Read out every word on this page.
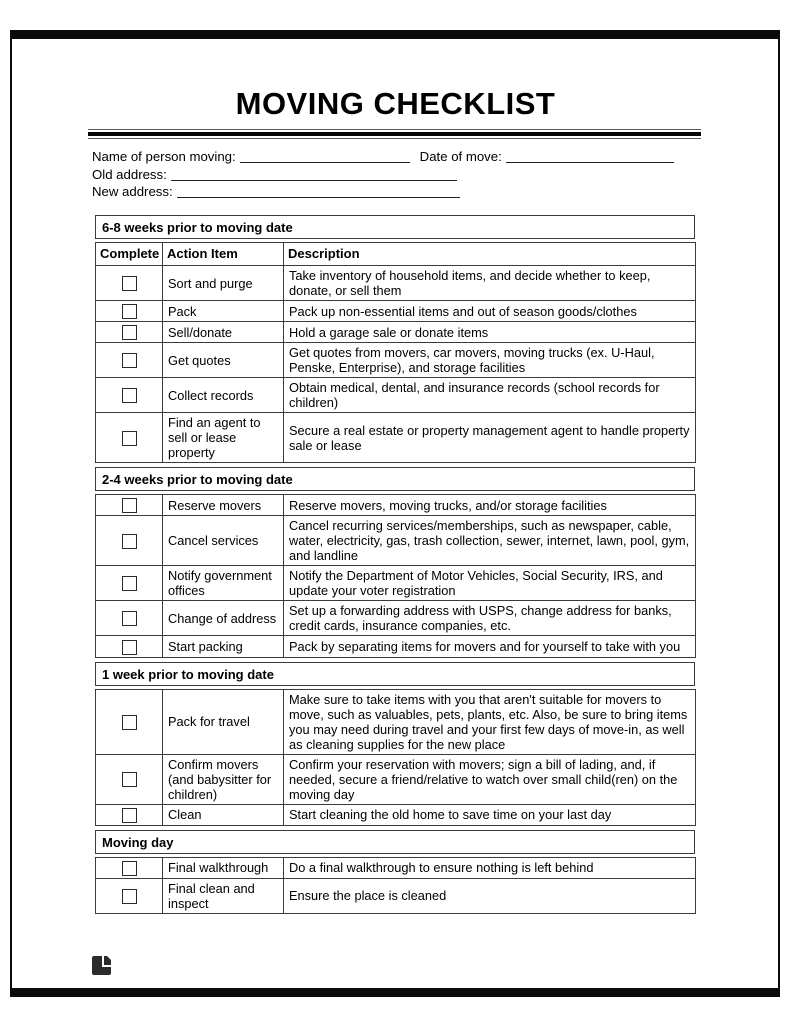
MOVING CHECKLIST
Name of person moving:	Date of move:
Old address:
New address:
6-8 weeks prior to moving date
Complete	Action Item	Description
	Sort and purge	Take inventory of household items, and decide whether to keep, donate, or sell them
	Pack	Pack up non-essential items and out of season goods/clothes
	Sell/donate	Hold a garage sale or donate items
	Get quotes	Get quotes from movers, car movers, moving trucks (ex. U-Haul, Penske, Enterprise), and storage facilities
	Collect records	Obtain medical, dental, and insurance records (school records for children)
	Find an agent to sell or lease property	Secure a real estate or property management agent to handle property sale or lease
2-4 weeks prior to moving date
	Reserve movers	Reserve movers, moving trucks, and/or storage facilities
	Cancel services	Cancel recurring services/memberships, such as newspaper, cable, water, electricity, gas, trash collection, sewer, internet, lawn, pool, gym, and landline
	Notify government offices	Notify the Department of Motor Vehicles, Social Security, IRS, and update your voter registration
	Change of address	Set up a forwarding address with USPS, change address for banks, credit cards, insurance companies, etc.
	Start packing	Pack by separating items for movers and for yourself to take with you
1 week prior to moving date
	Pack for travel	Make sure to take items with you that aren't suitable for movers to move, such as valuables, pets, plants, etc. Also, be sure to bring items you may need during travel and your first few days of move-in, as well as cleaning supplies for the new place
	Confirm movers (and babysitter for children)	Confirm your reservation with movers; sign a bill of lading, and, if needed, secure a friend/relative to watch over small child(ren) on the moving day
	Clean	Start cleaning the old home to save time on your last day
Moving day
	Final walkthrough	Do a final walkthrough to ensure nothing is left behind
	Final clean and inspect	Ensure the place is cleaned
